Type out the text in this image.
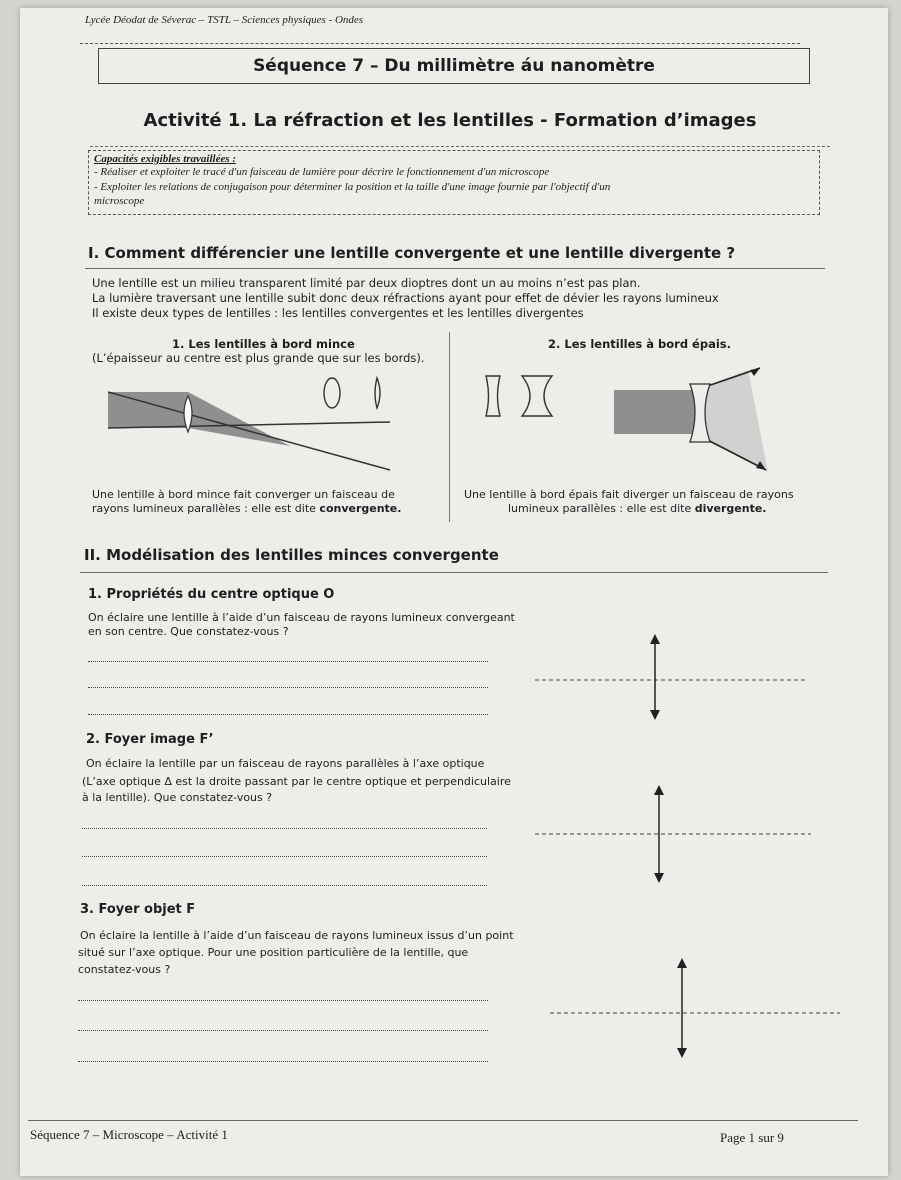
Lycée Déodat de Séverac – TSTL – Sciences physiques - Ondes
Séquence 7 – Du millimètre áu nanomètre
Activité 1. La réfraction et les lentilles - Formation d’images
Capacités exigibles travaillées :
- Réaliser et exploiter le tracé d'un faisceau de lumière pour décrire le fonctionnement d'un microscope
- Exploiter les relations de conjugaison pour déterminer la position et la taille d'une image fournie par l'objectif d'un
microscope
I. Comment différencier une lentille convergente et une lentille divergente ?
Une lentille est un milieu transparent limité par deux dioptres dont un au moins n’est pas plan.
La lumière traversant une lentille subit donc deux réfractions ayant pour effet de dévier les rayons lumineux
Il existe deux types de lentilles : les lentilles convergentes et les lentilles divergentes
1. Les lentilles à bord mince
(L’épaisseur au centre est plus grande que sur les bords).
Une lentille à bord mince fait converger un faisceau de
rayons lumineux parallèles : elle est dite convergente.
2. Les lentilles à bord épais.
Une lentille à bord épais fait diverger un faisceau de rayons
lumineux parallèles : elle est dite divergente.
II. Modélisation des lentilles minces convergente
1. Propriétés du centre optique O
On éclaire une lentille à l’aide d’un faisceau de rayons lumineux convergeant
en son centre. Que constatez-vous ?
2. Foyer image F’
On éclaire la lentille par un faisceau de rayons parallèles à l’axe optique
(L’axe optique Δ est la droite passant par le centre optique et perpendiculaire
à la lentille). Que constatez-vous ?
3. Foyer objet F
On éclaire la lentille à l’aide d’un faisceau de rayons lumineux issus d’un point
situé sur l’axe optique. Pour une position particulière de la lentille, que
constatez-vous ?
Séquence 7 – Microscope – Activité 1	Page 1 sur 9
